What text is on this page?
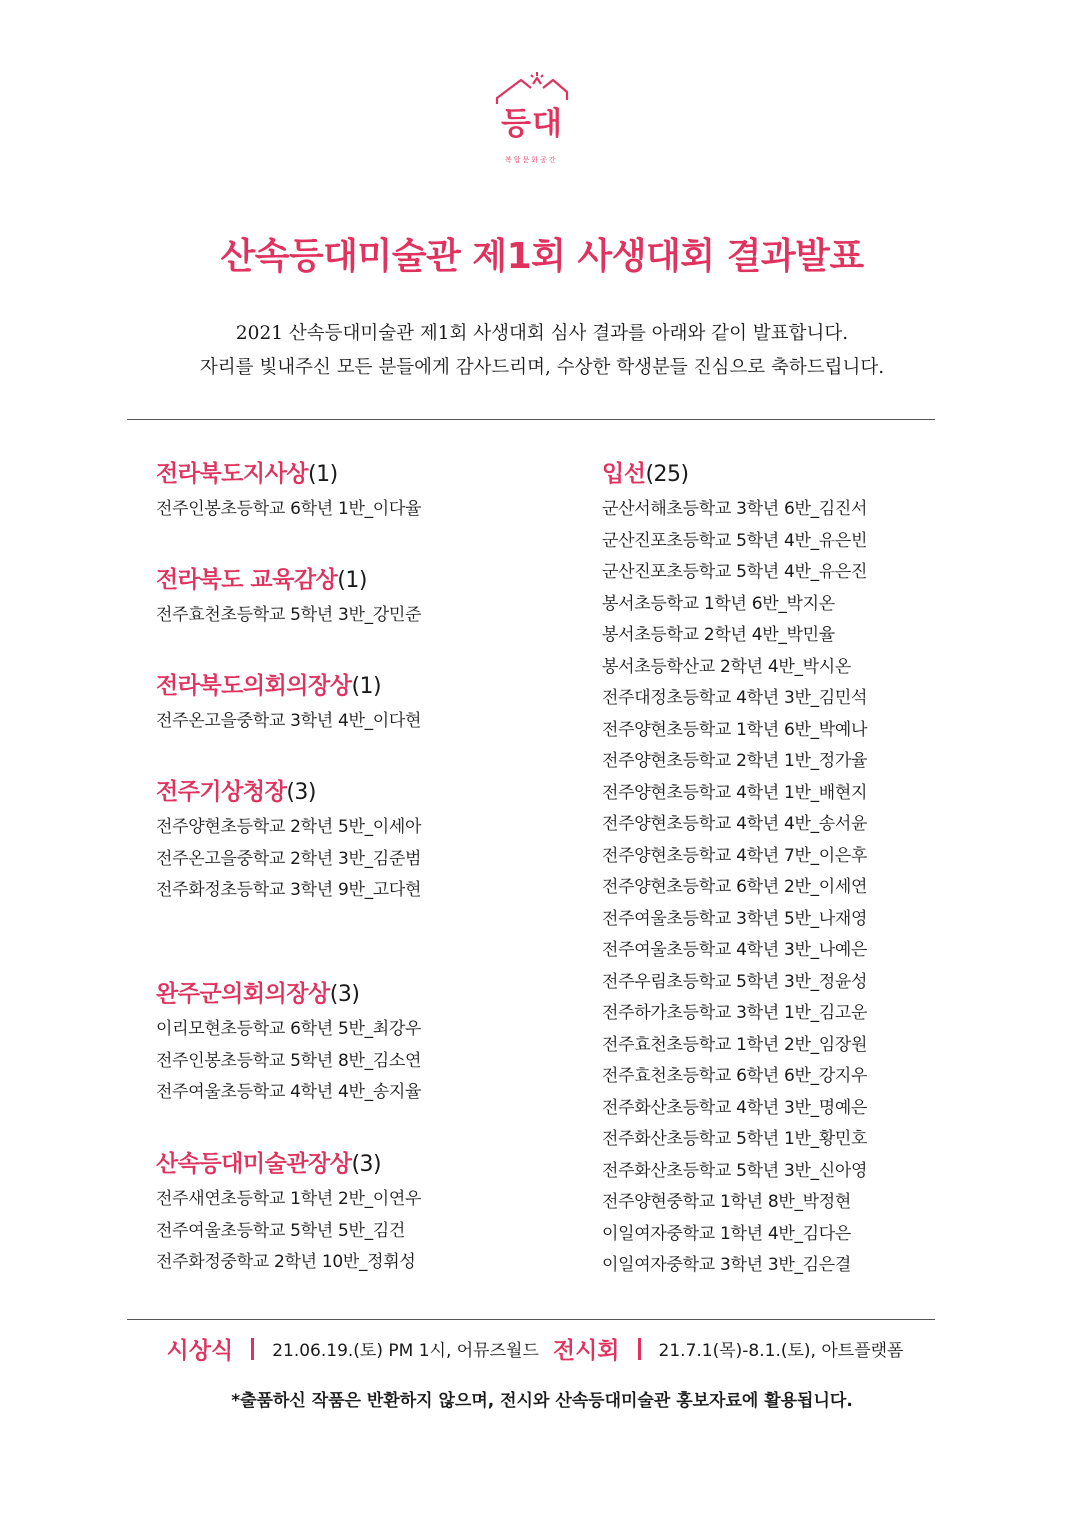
등대
복합문화공간
산속등대미술관 제1회 사생대회 결과발표
2021 산속등대미술관 제1회 사생대회 심사 결과를 아래와 같이 발표합니다.
자리를 빛내주신 모든 분들에게 감사드리며, 수상한 학생분들 진심으로 축하드립니다.
전라북도지사상(1)
전주인봉초등학교 6학년 1반_이다율
전라북도 교육감상(1)
전주효천초등학교 5학년 3반_강민준
전라북도의회의장상(1)
전주온고을중학교 3학년 4반_이다현
전주기상청장(3)
전주양현초등학교 2학년 5반_이세아
전주온고을중학교 2학년 3반_김준범
전주화정초등학교 3학년 9반_고다현
완주군의회의장상(3)
이리모현초등학교 6학년 5반_최강우
전주인봉초등학교 5학년 8반_김소연
전주여울초등학교 4학년 4반_송지율
산속등대미술관장상(3)
전주새연초등학교 1학년 2반_이연우
전주여울초등학교 5학년 5반_김건
전주화정중학교 2학년 10반_정휘성
입선(25)
군산서해초등학교 3학년 6반_김진서
군산진포초등학교 5학년 4반_유은빈
군산진포초등학교 5학년 4반_유은진
봉서초등학교 1학년 6반_박지온
봉서초등학교 2학년 4반_박민율
봉서초등학산교 2학년 4반_박시온
전주대정초등학교 4학년 3반_김민석
전주양현초등학교 1학년 6반_박예나
전주양현초등학교 2학년 1반_정가율
전주양현초등학교 4학년 1반_배현지
전주양현초등학교 4학년 4반_송서윤
전주양현초등학교 4학년 7반_이은후
전주양현초등학교 6학년 2반_이세연
전주여울초등학교 3학년 5반_나재영
전주여울초등학교 4학년 3반_나예은
전주우림초등학교 5학년 3반_정윤성
전주하가초등학교 3학년 1반_김고운
전주효천초등학교 1학년 2반_임장원
전주효천초등학교 6학년 6반_강지우
전주화산초등학교 4학년 3반_명예은
전주화산초등학교 5학년 1반_황민호
전주화산초등학교 5학년 3반_신아영
전주양현중학교 1학년 8반_박정현
이일여자중학교 1학년 4반_김다은
이일여자중학교 3학년 3반_김은결
시상식 21.06.19.(토) PM 1시, 어뮤즈월드 전시회 21.7.1(목)-8.1.(토), 아트플랫폼
*출품하신 작품은 반환하지 않으며, 전시와 산속등대미술관 홍보자료에 활용됩니다.
